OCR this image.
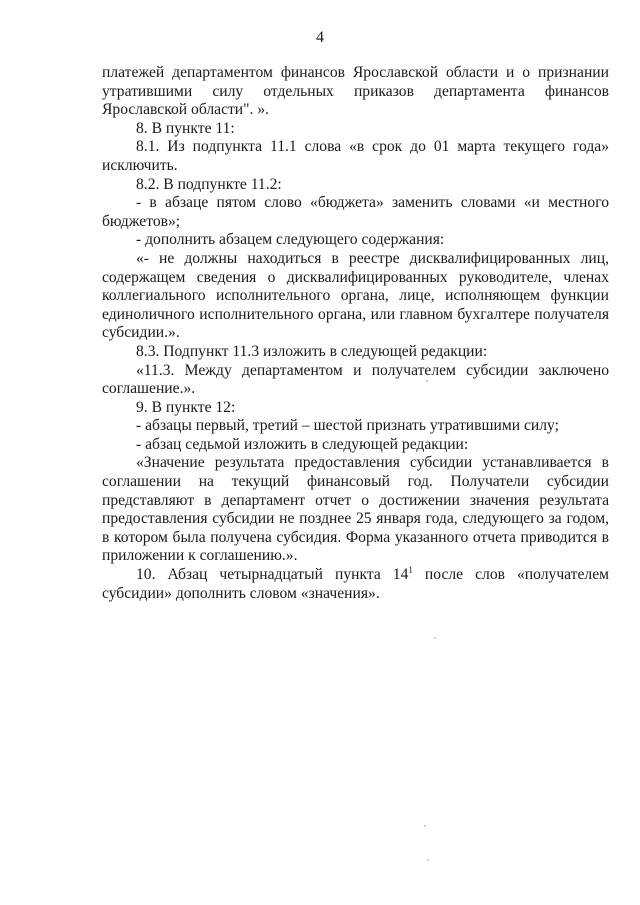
4

платежей департаментом финансов Ярославской области и о признании утратившими силу отдельных приказов департамента финансов Ярославской области". ».

8. В пункте 11:

8.1. Из подпункта 11.1 слова «в срок до 01 марта текущего года» исключить.

8.2. В подпункте 11.2:

- в абзаце пятом слово «бюджета» заменить словами «и местного бюджетов»;

- дополнить абзацем следующего содержания:

«- не должны находиться в реестре дисквалифицированных лиц, содержащем сведения о дисквалифицированных руководителе, членах коллегиального исполнительного органа, лице, исполняющем функции единоличного исполнительного органа, или главном бухгалтере получателя субсидии.».

8.3. Подпункт 11.3 изложить в следующей редакции:

«11.3. Между департаментом и получателем субсидии заключено соглашение.».

9. В пункте 12:

- абзацы первый, третий – шестой признать утратившими силу;

- абзац седьмой изложить в следующей редакции:

«Значение результата предоставления субсидии устанавливается в соглашении на текущий финансовый год. Получатели субсидии представляют в департамент отчет о достижении значения результата предоставления субсидии не позднее 25 января года, следующего за годом, в котором была получена субсидия. Форма указанного отчета приводится в приложении к соглашению.».

10. Абзац четырнадцатый пункта $14^1$ после слов «получателем субсидии» дополнить словом «значения».
